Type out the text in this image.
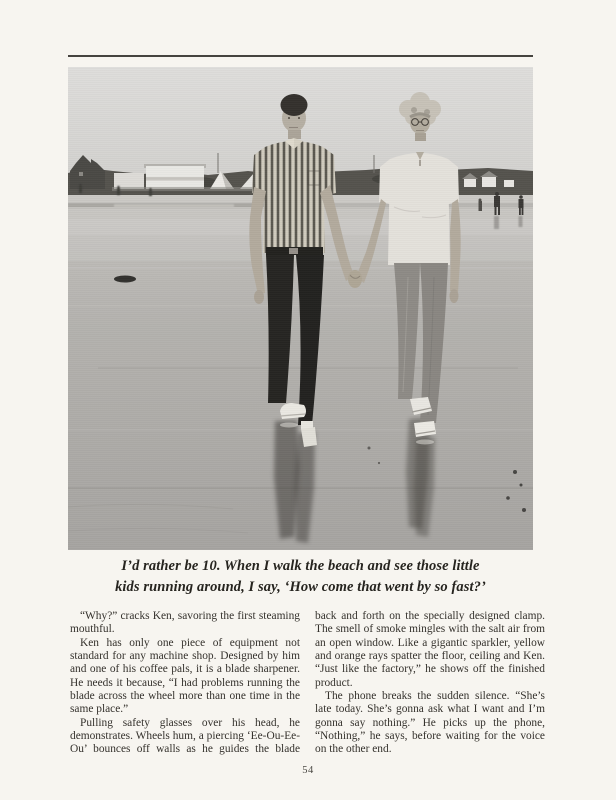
I’d rather be 10. When I walk the beach and see those little
kids running around, I say, ‘How come that went by so fast?’

“Why?” cracks Ken, savoring the first steaming mouthful.

Ken has only one piece of equipment not standard for any machine shop. Designed by him and one of his coffee pals, it is a blade sharpener. He needs it because, “I had problems running the blade across the wheel more than one time in the same place.”

Pulling safety glasses over his head, he demonstrates. Wheels hum, a piercing ‘Ee-Ou-Ee-Ou’ bounces off walls as he guides the blade

back and forth on the specially designed clamp. The smell of smoke mingles with the salt air from an open window. Like a gigantic sparkler, yellow and orange rays spatter the floor, ceiling and Ken. “Just like the factory,” he shows off the finished product.

The phone breaks the sudden silence. “She’s late today. She’s gonna ask what I want and I’m gonna say nothing.” He picks up the phone, “Nothing,” he says, before waiting for the voice on the other end.

54
